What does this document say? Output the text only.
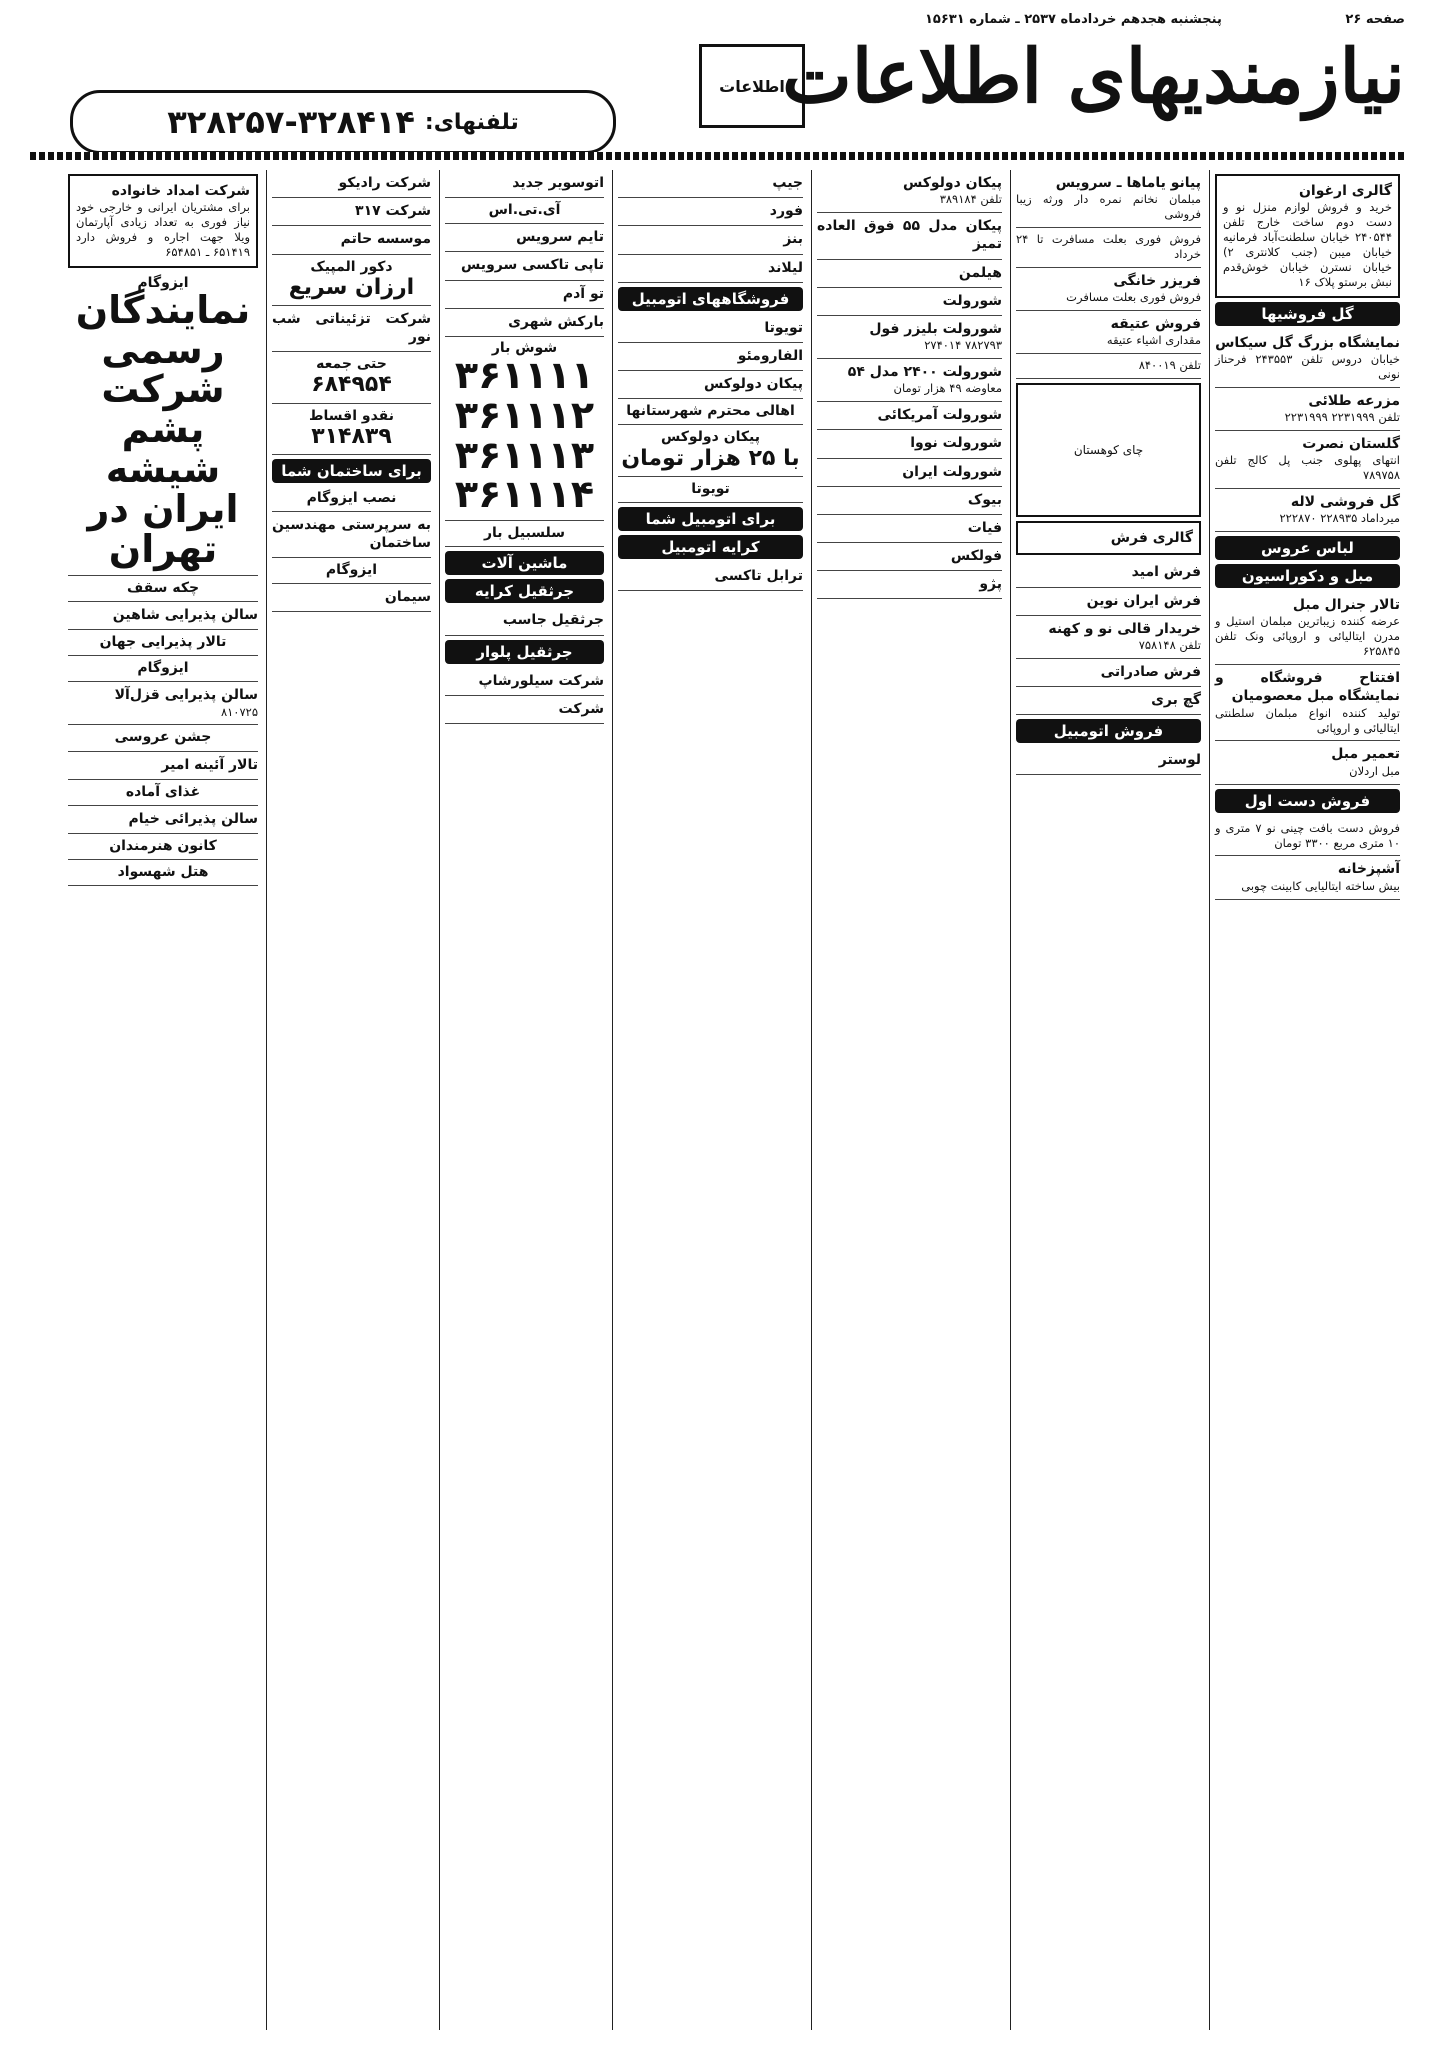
صفحه ۲۶
پنجشنبه هجدهم خردادماه ۲۵۳۷ ـ شماره ۱۵۶۳۱
نیازمندیهای اطلاعات
اطلاعات
تلفنهای:
۳۲۸۲۵۷-۳۲۸۴۱۴
گالری ارغوان
خرید و فروش لوازم منزل نو و دست دوم ساخت خارج تلفن ۲۴۰۵۴۴ خیابان سلطنت‌آباد فرمانیه خیابان میبن (جنب کلانتری ۲) خیابان نسترن خیابان خوش‌قدم نبش برستو پلاک ۱۶
گل فروشیها
نمایشگاه بزرگ گل سیکاس
خیابان دروس تلفن ۲۴۳۵۵۳ فرحناز نونی
مزرعه طلائی
تلفن ۲۲۳۱۹۹۹ ۲۲۳۱۹۹۹
گلستان نصرت
انتهای پهلوی جنب پل کالج تلفن ۷۸۹۷۵۸
گل فروشی لاله
میرداماد ۲۲۸۹۳۵ ۲۲۲۸۷۰
لباس عروس
مبل و دکوراسیون
تالار جنرال مبل
عرضه کننده زیباترین مبلمان استیل و مدرن ایتالیائی و اروپائی ونک تلفن ۶۲۵۸۴۵
افتتاح فروشگاه و نمایشگاه مبل معصومیان
تولید کننده انواع مبلمان سلطنتی ایتالیائی و اروپائی
تعمیر مبل
مبل اردلان
فروش دست اول
فروش دست بافت چینی نو ۷ متری و ۱۰ متری مربع ۳۳۰۰ تومان
آشپزخانه
بیش ساخته ایتالیایی کابینت چوبی
پیانو یاماها ـ سرویس
مبلمان نخانم نمره دار ورثه زیبا فروشی
فروش فوری بعلت مسافرت تا ۲۴ خرداد
فریزر خانگی
فروش فوری بعلت مسافرت
فروش عتیقه
مقداری اشیاء عتیقه
تلفن ۸۴۰۰۱۹
چای کوهستان
گالری فرش
فرش امید
فرش ایران نوین
خریدار قالی نو و کهنه
تلفن ۷۵۸۱۴۸
فرش صادراتی
گچ بری
فروش اتومبیل
لوستر
پیکان دولوکس
تلفن ۳۸۹۱۸۴
پیکان مدل ۵۵ فوق العاده تمیز
هیلمن
شورولت
شورولت بلیزر فول
۷۸۲۷۹۳ ۲۷۴۰۱۴
شورولت ۲۴۰۰ مدل ۵۴
معاوضه ۴۹ هزار تومان
شورولت آمریکائی
شورولت نووا
شورولت ایران
بیوک
فیات
فولکس
پژو
جیپ
فورد
بنز
لیلاند
فروشگاههای اتومبیل
تویوتا
الفارومئو
پیکان دولوکس
اهالی محترم شهرستانها
پیکان دولوکس
با ۲۵ هزار تومان
تویوتا
برای اتومبیل شما
کرایه اتومبیل
ترابل تاکسی
اتوسویر جدید
آی.تی.اس
تایم سرویس
تاپی تاکسی سرویس
تو آدم
بارکش شهری
شوش بار
۳۶۱۱۱۱ ۳۶۱۱۱۲ ۳۶۱۱۱۳ ۳۶۱۱۱۴
سلسبیل بار
ماشین آلات
جرثقیل کرایه
جرثقیل جاسب
جرثقیل پلوار
شرکت سیلورشاپ
شرکت
شرکت رادیکو
شرکت ۳۱۷
موسسه حاتم
دکور المپیک
ارزان سریع
شرکت تزئیناتی شب نور
حتی جمعه
۶۸۴۹۵۴
نقدو اقساط
۳۱۴۸۳۹
برای ساختمان شما
نصب ایزوگام
به سرپرستی مهندسین ساختمان
ایزوگام
سیمان
شرکت امداد خانواده
برای مشتریان ایرانی و خارجی خود نیاز فوری به تعداد زیادی آپارتمان ویلا جهت اجاره و فروش دارد ۶۵۱۴۱۹ ـ ۶۵۴۸۵۱
ایزوگام
نمایندگان رسمی شرکت پشم شیشه ایران در تهران
چکه سقف
سالن پذیرایی شاهین
تالار پذیرایی جهان
ایزوگام
سالن پذیرایی قزل‌آلا
۸۱۰۷۲۵
جشن عروسی
تالار آئینه امیر
غذای آماده
سالن پذیرائی خیام
کانون هنرمندان
هتل شهسواد
